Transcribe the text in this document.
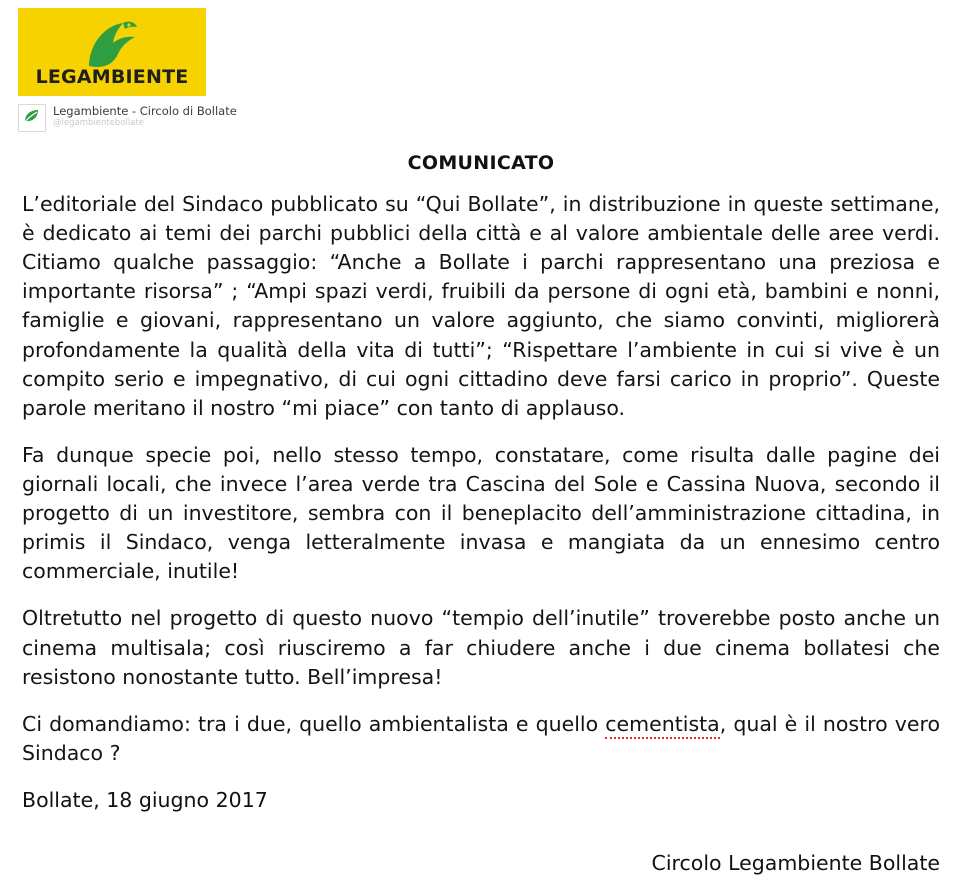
LEGAMBIENTE
Legambiente - Circolo di Bollate
@legambientebollate
COMUNICATO

L’editoriale del Sindaco pubblicato su “Qui Bollate”, in distribuzione in queste settimane, è dedicato ai temi dei parchi pubblici della città e al valore ambientale delle aree verdi. Citiamo qualche passaggio: “Anche a Bollate i parchi rappresentano una preziosa e importante risorsa” ; “Ampi spazi verdi, fruibili da persone di ogni età, bambini e nonni, famiglie e giovani, rappresentano un valore aggiunto, che siamo convinti, migliorerà profondamente la qualità della vita di tutti”; “Rispettare l’ambiente in cui si vive è un compito serio e impegnativo, di cui ogni cittadino deve farsi carico in proprio”. Queste parole meritano il nostro “mi piace” con tanto di applauso.

Fa dunque specie poi, nello stesso tempo, constatare, come risulta dalle pagine dei giornali locali, che invece l’area verde tra Cascina del Sole e Cassina Nuova, secondo il progetto di un investitore, sembra con il beneplacito dell’amministrazione cittadina, in primis il Sindaco, venga letteralmente invasa e mangiata da un ennesimo centro commerciale, inutile!

Oltretutto nel progetto di questo nuovo “tempio dell’inutile” troverebbe posto anche un cinema multisala; così riusciremo a far chiudere anche i due cinema bollatesi che resistono nonostante tutto. Bell’impresa!

Ci domandiamo: tra i due, quello ambientalista e quello cementista, qual è il nostro vero Sindaco ?

Bollate, 18 giugno 2017

Circolo Legambiente Bollate
